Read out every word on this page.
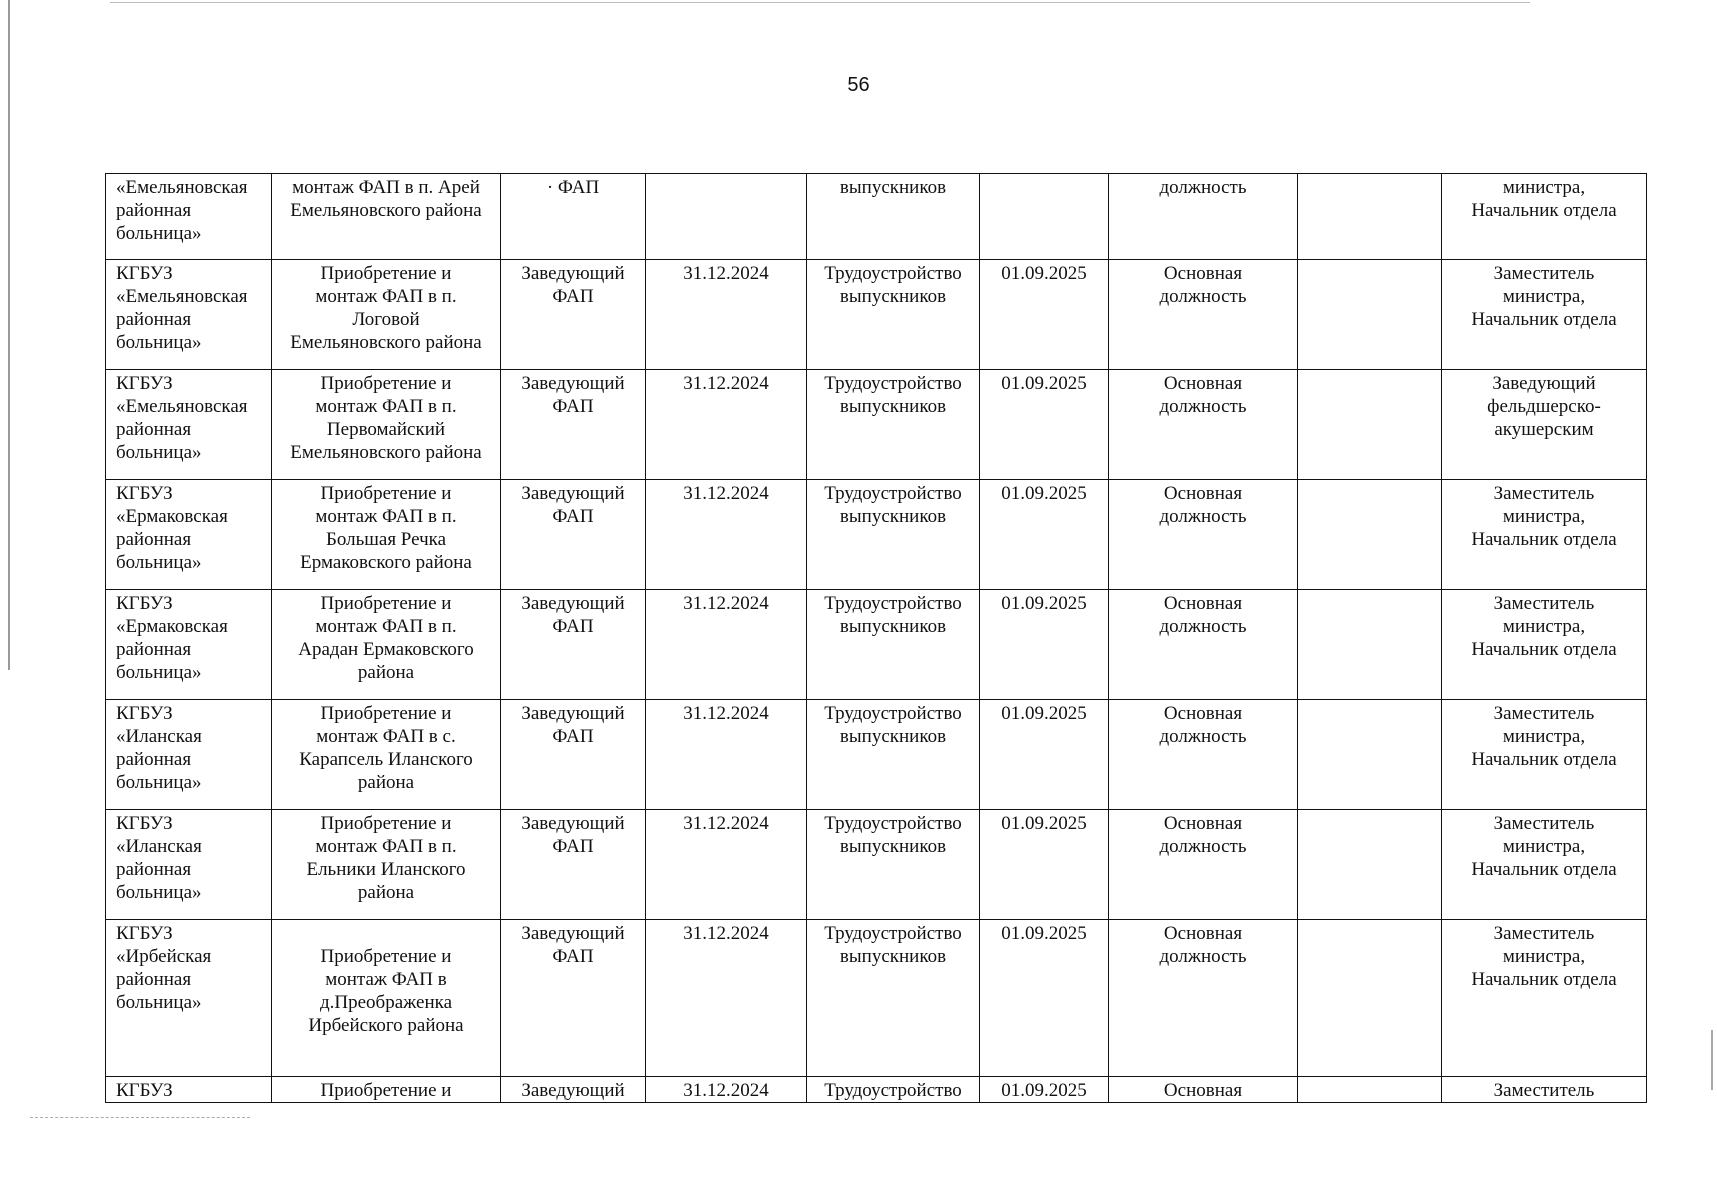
56
«Емельяновская
районная
больница»	монтаж ФАП в п. Арей
Емельяновского района	· ФАП		выпускников		должность		министра,
Начальник отдела
КГБУЗ
«Емельяновская
районная
больница»	Приобретение и
монтаж ФАП в п.
Логовой
Емельяновского района	Заведующий
ФАП	31.12.2024	Трудоустройство
выпускников	01.09.2025	Основная
должность		Заместитель
министра,
Начальник отдела
КГБУЗ
«Емельяновская
районная
больница»	Приобретение и
монтаж ФАП в п.
Первомайский
Емельяновского района	Заведующий
ФАП	31.12.2024	Трудоустройство
выпускников	01.09.2025	Основная
должность		Заведующий
фельдшерско-
акушерским
КГБУЗ
«Ермаковская
районная
больница»	Приобретение и
монтаж ФАП в п.
Большая Речка
Ермаковского района	Заведующий
ФАП	31.12.2024	Трудоустройство
выпускников	01.09.2025	Основная
должность		Заместитель
министра,
Начальник отдела
КГБУЗ
«Ермаковская
районная
больница»	Приобретение и
монтаж ФАП в п.
Арадан Ермаковского
района	Заведующий
ФАП	31.12.2024	Трудоустройство
выпускников	01.09.2025	Основная
должность		Заместитель
министра,
Начальник отдела
КГБУЗ
«Иланская
районная
больница»	Приобретение и
монтаж ФАП в с.
Карапсель Иланского
района	Заведующий
ФАП	31.12.2024	Трудоустройство
выпускников	01.09.2025	Основная
должность		Заместитель
министра,
Начальник отдела
КГБУЗ
«Иланская
районная
больница»	Приобретение и
монтаж ФАП в п.
Ельники Иланского
района	Заведующий
ФАП	31.12.2024	Трудоустройство
выпускников	01.09.2025	Основная
должность		Заместитель
министра,
Начальник отдела
КГБУЗ
«Ирбейская
районная
больница»	
Приобретение и
монтаж ФАП в
д.Преображенка
Ирбейского района	Заведующий
ФАП	31.12.2024	Трудоустройство
выпускников	01.09.2025	Основная
должность		Заместитель
министра,
Начальник отдела
КГБУЗ	Приобретение и	Заведующий	31.12.2024	Трудоустройство	01.09.2025	Основная		Заместитель
